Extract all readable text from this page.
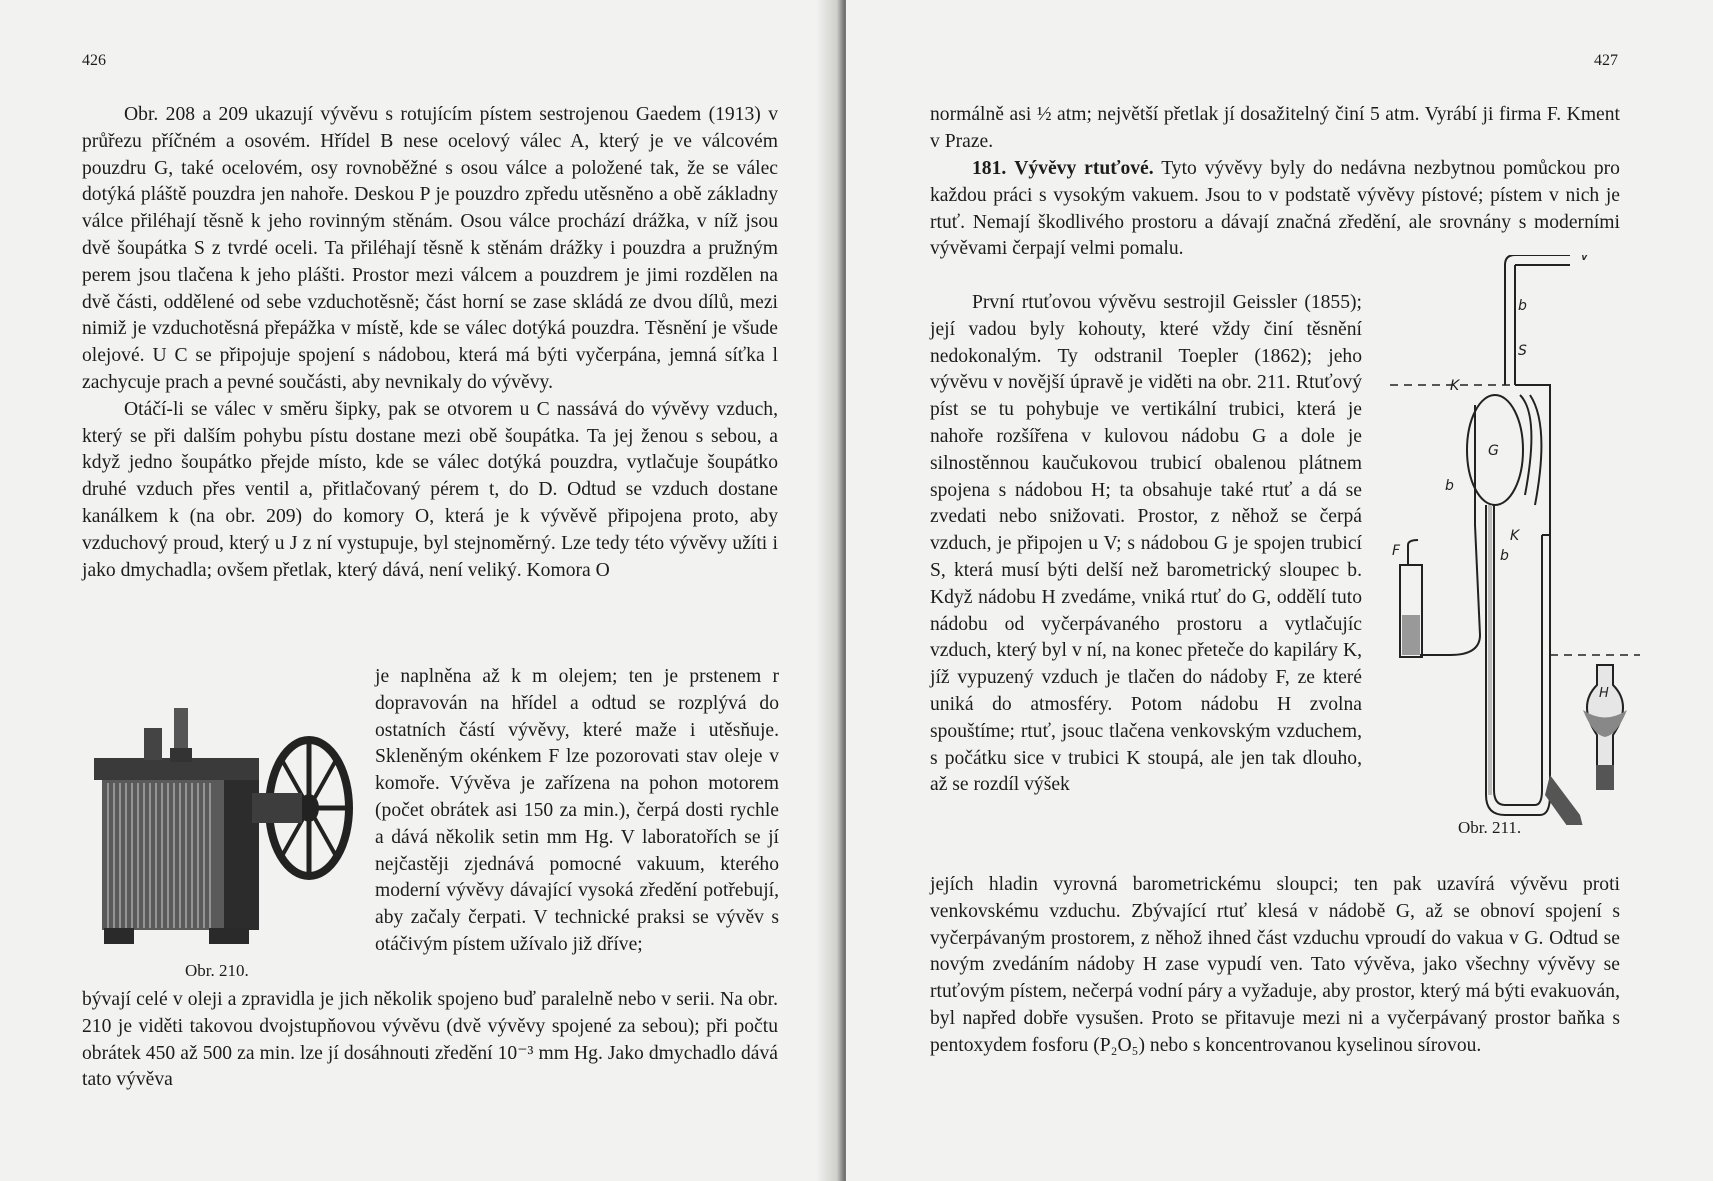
426

Obr. 208 a 209 ukazují vývěvu s rotujícím pístem sestrojenou Gaedem (1913) v průřezu příčném a osovém. Hřídel B nese ocelový válec A, který je ve válcovém pouzdru G, také ocelovém, osy rovnoběžné s osou válce a položené tak, že se válec dotýká pláště pouzdra jen nahoře. Deskou P je pouzdro zpředu utěsněno a obě základny válce přiléhají těsně k jeho rovinným stěnám. Osou válce prochází drážka, v níž jsou dvě šoupátka S z tvrdé oceli. Ta přiléhají těsně k stěnám drážky i pouzdra a pružným perem jsou tlačena k jeho plášti. Prostor mezi válcem a pouzdrem je jimi rozdělen na dvě části, oddělené od sebe vzduchotěsně; část horní se zase skládá ze dvou dílů, mezi nimiž je vzduchotěsná přepážka v místě, kde se válec dotýká pouzdra. Těsnění je všude olejové. U C se připojuje spojení s nádobou, která má býti vyčerpána, jemná síťka l zachycuje prach a pevné součásti, aby nevnikaly do vývěvy.

Otáčí-li se válec v směru šipky, pak se otvorem u C nassává do vývěvy vzduch, který se při dalším pohybu pístu dostane mezi obě šoupátka. Ta jej ženou s sebou, a když jedno šoupátko přejde místo, kde se válec dotýká pouzdra, vytlačuje šoupátko druhé vzduch přes ventil a, přitlačovaný pérem t, do D. Odtud se vzduch dostane kanálkem k (na obr. 209) do komory O, která je k vývěvě připojena proto, aby vzduchový proud, který u J z ní vystupuje, byl stejnoměrný. Lze tedy této vývěvy užíti i jako dmychadla; ovšem přetlak, který dává, není veliký. Komora O

je naplněna až k m olejem; ten je prstenem r dopravován na hřídel a odtud se rozplývá do ostatních částí vývěvy, které maže i utěsňuje. Skleněným okénkem F lze pozorovati stav oleje v komoře. Vývěva je zařízena na pohon motorem (počet obrátek asi 150 za min.), čerpá dosti rychle a dává několik setin mm Hg. V laboratořích se jí nejčastěji zjednává pomocné vakuum, kterého moderní vývěvy dávající vysoká zředění potřebují, aby začaly čerpati. V technické praksi se vývěv s otáčivým pístem užívalo již dříve;

Obr. 210.

bývají celé v oleji a zpravidla je jich několik spojeno buď paralelně nebo v serii. Na obr. 210 je viděti takovou dvojstupňovou vývěvu (dvě vývěvy spojené za sebou); při počtu obrátek 450 až 500 za min. lze jí dosáhnouti zředění 10⁻³ mm Hg. Jako dmychadlo dává tato vývěva

427

normálně asi ½ atm; největší přetlak jí dosažitelný činí 5 atm. Vyrábí ji firma F. Kment v Praze.

181. Vývěvy rtuťové. Tyto vývěvy byly do nedávna nezbytnou pomůckou pro každou práci s vysokým vakuem. Jsou to v podstatě vývěvy pístové; pístem v nich je rtuť. Nemají škodlivého prostoru a dávají značná zředění, ale srovnány s moderními vývěvami čerpají velmi pomalu.

První rtuťovou vývěvu sestrojil Geissler (1855); její vadou byly kohouty, které vždy činí těsnění nedokonalým. Ty odstranil Toepler (1862); jeho vývěvu v novější úpravě je viděti na obr. 211. Rtuťový píst se tu pohybuje ve vertikální trubici, která je nahoře rozšířena v kulovou nádobu G a dole je silnostěnnou kaučukovou trubicí obalenou plátnem spojena s nádobou H; ta obsahuje také rtuť a dá se zvedati nebo snižovati. Prostor, z něhož se čerpá vzduch, je připojen u V; s nádobou G je spojen trubicí S, která musí býti delší než barometrický sloupec b. Když nádobu H zvedáme, vniká rtuť do G, oddělí tuto nádobu od vyčerpávaného prostoru a vytlačujíc vzduch, který byl v ní, na konec přeteče do kapiláry K, jíž vypuzený vzduch je tlačen do nádoby F, ze které uniká do atmosféry. Potom nádobu H zvolna spouštíme; rtuť, jsouc tlačena venkovským vzduchem, s počátku sice v trubici K stoupá, ale jen tak dlouho, až se rozdíl výšek

jejích hladin vyrovná barometrickému sloupci; ten pak uzavírá vývěvu proti venkovskému vzduchu. Zbývající rtuť klesá v nádobě G, až se obnoví spojení s vyčerpávaným prostorem, z něhož ihned část vzduchu vproudí do vakua v G. Odtud se novým zvedáním nádoby H zase vypudí ven. Tato vývěva, jako všechny vývěvy se rtuťovým pístem, nečerpá vodní páry a vyžaduje, aby prostor, který má býti evakuován, byl napřed dobře vysušen. Proto se přitavuje mezi ni a vyčerpávaný prostor baňka s pentoxydem fosforu (P₂O₅) nebo s koncentrovanou kyselinou sírovou.

V
b
S
K
G
b
F
K
b
H
Obr. 211.
